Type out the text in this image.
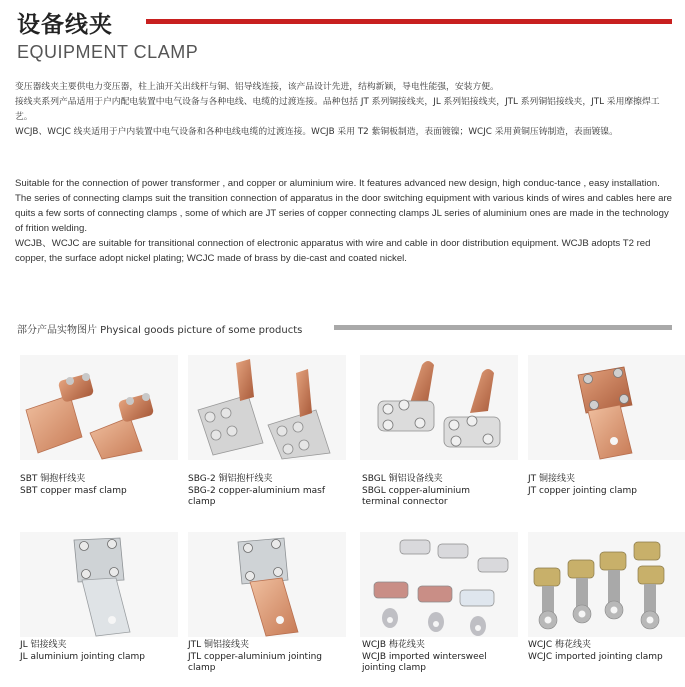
设备线夹
EQUIPMENT CLAMP

变压器线夹主要供电力变压器，柱上油开关出线杆与铜、铝导线连接，该产品设计先进，结构新颖，导电性能强，安装方便。

接线夹系列产品适用于户内配电装置中电气设备与各种电线、电缆的过渡连接。品种包括 JT 系列铜接线夹，JL 系列铝接线夹，JTL 系列铜铝接线夹，JTL 采用摩擦焊工艺。

WCJB、WCJC 线夹适用于户内装置中电气设备和各种电线电缆的过渡连接。WCJB 采用 T2 紫铜板制造，表面镀镍；WCJC 采用黄铜压铸制造，表面镀镍。

Suitable for the connection of power transformer , and copper or aluminium wire. It features advanced new design, high conduc-tance , easy installation.

The series of connecting clamps suit the transition connection of apparatus in the door switching equipment with various kinds of wires and cables here are quits a few sorts of connecting clamps , some of which are JT series of copper connecting clamps JL series of aluminium ones are made in the technology of frition welding.

WCJB、WCJC are suitable for transitional connection of electronic apparatus with wire and cable in door distribution equipment. WCJB adopts T2 red copper, the surface adopt nickel plating; WCJC made of brass by die-cast and coated nickel.

部分产品实物图片 Physical goods picture of some products
SBT 铜抱杆线夹
SBT copper masf clamp
SBG-2 铜铝抱杆线夹
SBG-2 copper-aluminium masf
clamp
SBGL 铜铝设备线夹
SBGL copper-aluminium
terminal connector
JT 铜接线夹
JT copper jointing clamp
JL 铝接线夹
JL aluminium jointing clamp
JTL 铜铝接线夹
JTL copper-aluminium jointing
clamp
WCJB 梅花线夹
WCJB imported wintersweel
jointing clamp
WCJC 梅花线夹
WCJC imported jointing clamp
